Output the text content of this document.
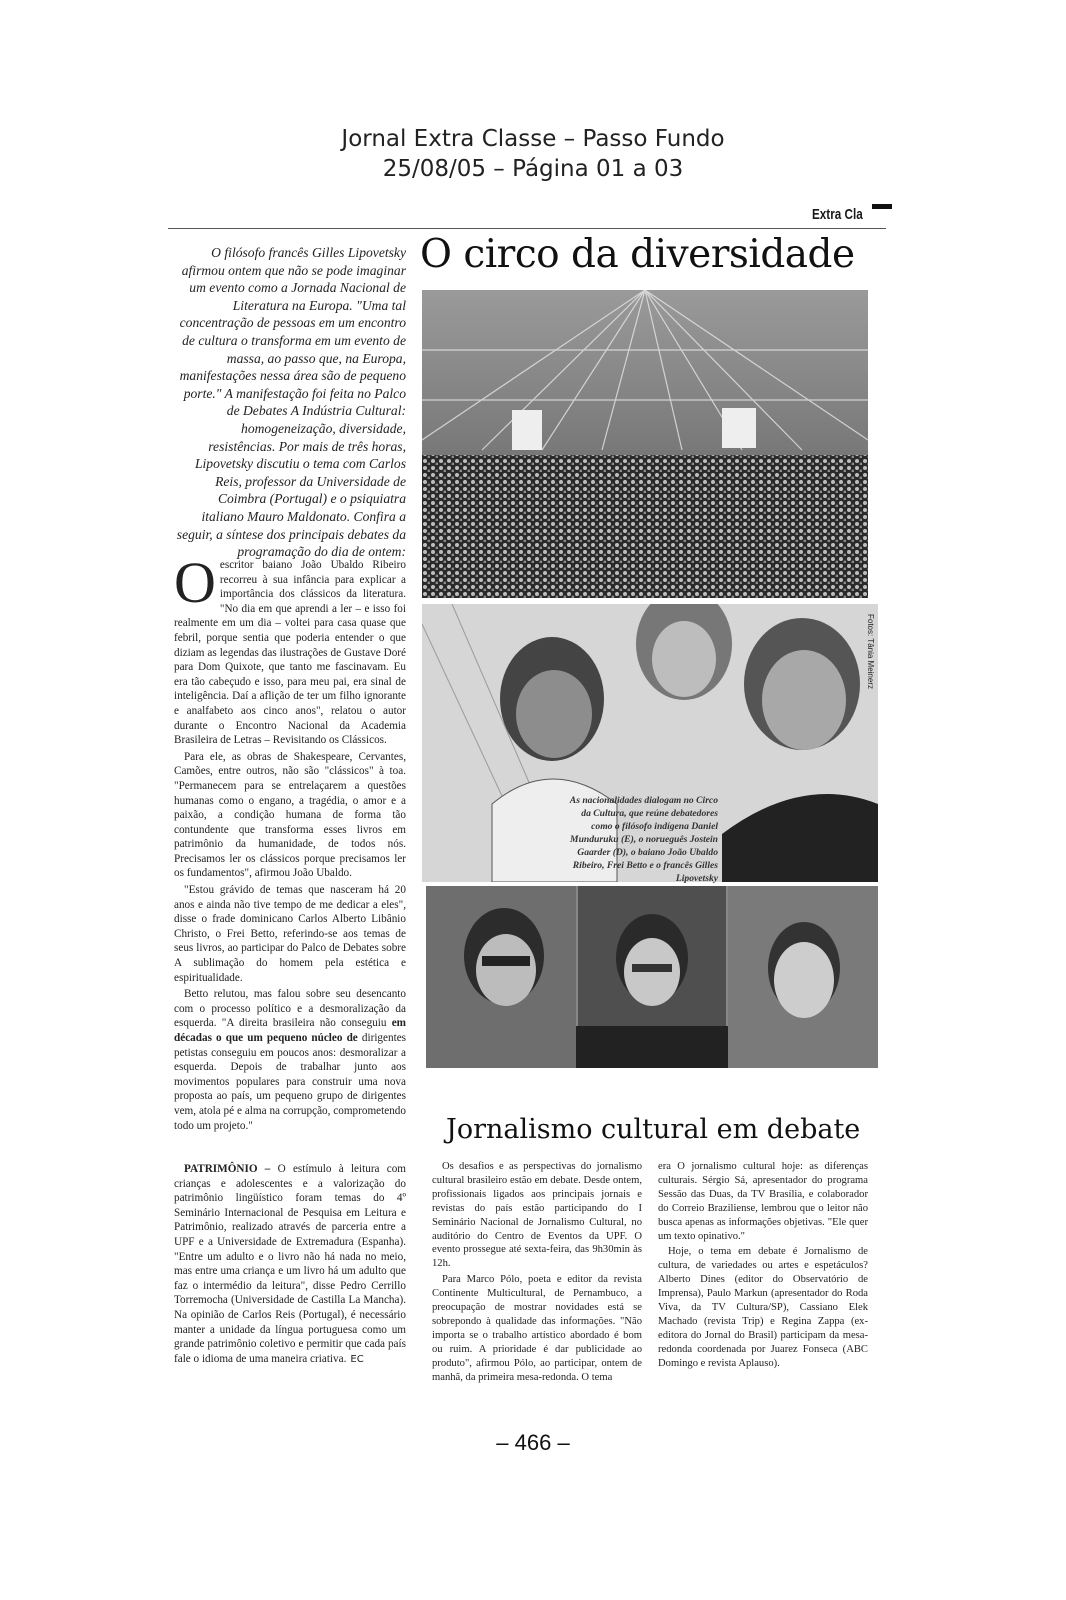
Jornal Extra Classe – Passo Fundo
25/08/05 – Página 01 a 03
Extra Cla
O filósofo francês Gilles Lipovetsky afirmou ontem que não se pode imaginar um evento como a Jornada Nacional de Literatura na Europa. "Uma tal concentração de pessoas em um encontro de cultura o transforma em um evento de massa, ao passo que, na Europa, manifestações nessa área são de pequeno porte." A manifestação foi feita no Palco de Debates A Indústria Cultural: homogeneização, diversidade, resistências. Por mais de três horas, Lipovetsky discutiu o tema com Carlos Reis, professor da Universidade de Coimbra (Portugal) e o psiquiatra italiano Mauro Maldonato. Confira a seguir, a síntese dos principais debates da programação do dia de ontem:
O circo da diversidade
As nacionalidades dialogam no Circo da Cultura, que reúne debatedores como o filósofo indígena Daniel Munduruku (E), o norueguês Jostein Gaarder (D), o baiano João Ubaldo Ribeiro, Frei Betto e o francês Gilles Lipovetsky
Fotos: Tânia Meinerz

Oescritor baiano João Ubaldo Ribeiro recorreu à sua infância para explicar a importância dos clássicos da literatura. "No dia em que aprendi a ler – e isso foi realmente em um dia – voltei para casa quase que febril, porque sentia que poderia entender o que diziam as legendas das ilustrações de Gustave Doré para Dom Quixote, que tanto me fascinavam. Eu era tão cabeçudo e isso, para meu pai, era sinal de inteligência. Daí a aflição de ter um filho ignorante e analfabeto aos cinco anos", relatou o autor durante o Encontro Nacional da Academia Brasileira de Letras – Revisitando os Clássicos.

Para ele, as obras de Shakespeare, Cervantes, Camões, entre outros, não são "clássicos" à toa. "Permanecem para se entrelaçarem a questões humanas como o engano, a tragédia, o amor e a paixão, a condição humana de forma tão contundente que transforma esses livros em patrimônio da humanidade, de todos nós. Precisamos ler os clássicos porque precisamos ler os fundamentos", afirmou João Ubaldo.

"Estou grávido de temas que nasceram há 20 anos e ainda não tive tempo de me dedicar a eles", disse o frade dominicano Carlos Alberto Libânio Christo, o Frei Betto, referindo-se aos temas de seus livros, ao participar do Palco de Debates sobre A sublimação do homem pela estética e espiritualidade.

Betto relutou, mas falou sobre seu desencanto com o processo político e a desmoralização da esquerda. "A direita brasileira não conseguiu em décadas o que um pequeno núcleo de dirigentes petistas conseguiu em poucos anos: desmoralizar a esquerda. Depois de trabalhar junto aos movimentos populares para construir uma nova proposta ao país, um pequeno grupo de dirigentes vem, atola pé e alma na corrupção, comprometendo todo um projeto."

PATRIMÔNIO – O estímulo à leitura com crianças e adolescentes e a valorização do patrimônio lingüístico foram temas do 4º Seminário Internacional de Pesquisa em Leitura e Patrimônio, realizado através de parceria entre a UPF e a Universidade de Extremadura (Espanha). "Entre um adulto e o livro não há nada no meio, mas entre uma criança e um livro há um adulto que faz o intermédio da leitura", disse Pedro Cerrillo Torremocha (Universidade de Castilla La Mancha). Na opinião de Carlos Reis (Portugal), é necessário manter a unidade da língua portuguesa como um grande patrimônio coletivo e permitir que cada país fale o idioma de uma maneira criativa. EC

Jornalismo cultural em debate

Os desafios e as perspectivas do jornalismo cultural brasileiro estão em debate. Desde ontem, profissionais ligados aos principais jornais e revistas do país estão participando do I Seminário Nacional de Jornalismo Cultural, no auditório do Centro de Eventos da UPF. O evento prossegue até sexta-feira, das 9h30min às 12h.

Para Marco Pólo, poeta e editor da revista Continente Multicultural, de Pernambuco, a preocupação de mostrar novidades está se sobrepondo à qualidade das informações. "Não importa se o trabalho artístico abordado é bom ou ruim. A prioridade é dar publicidade ao produto", afirmou Pólo, ao participar, ontem de manhã, da primeira mesa-redonda. O tema

era O jornalismo cultural hoje: as diferenças culturais. Sérgio Sá, apresentador do programa Sessão das Duas, da TV Brasília, e colaborador do Correio Braziliense, lembrou que o leitor não busca apenas as informações objetivas. "Ele quer um texto opinativo."

Hoje, o tema em debate é Jornalismo de cultura, de variedades ou artes e espetáculos? Alberto Dines (editor do Observatório de Imprensa), Paulo Markun (apresentador do Roda Viva, da TV Cultura/SP), Cassiano Elek Machado (revista Trip) e Regina Zappa (ex-editora do Jornal do Brasil) participam da mesa-redonda coordenada por Juarez Fonseca (ABC Domingo e revista Aplauso).

– 466 –
